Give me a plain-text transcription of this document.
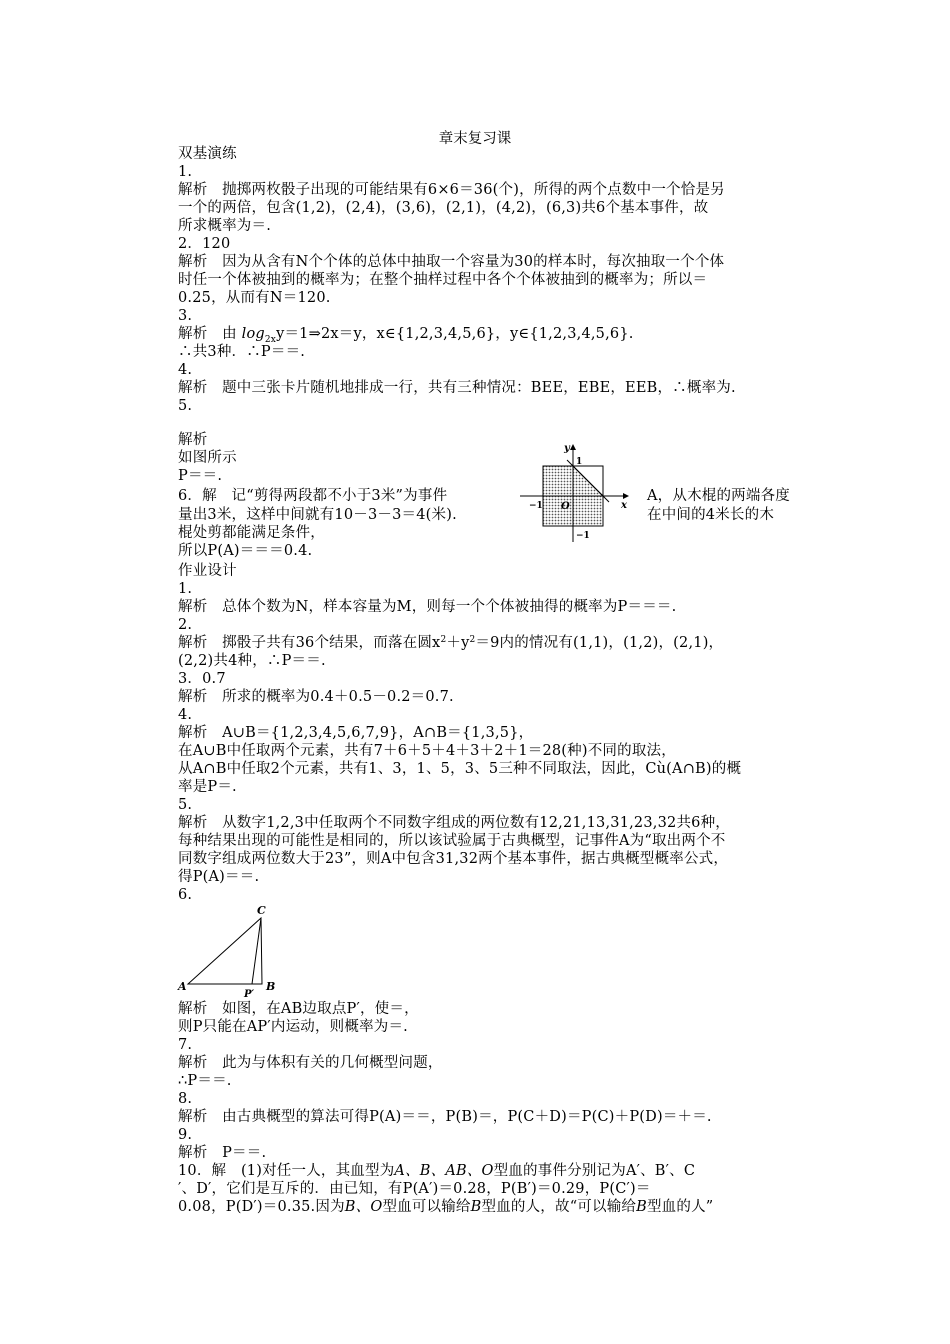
章末复习课
双基演练
1.
解析　抛掷两枚骰子出现的可能结果有6×6＝36(个)，所得的两个点数中一个恰是另
一个的两倍，包含(1,2)，(2,4)，(3,6)，(2,1)，(4,2)，(6,3)共6个基本事件，故
所求概率为＝.
2．120
解析　因为从含有N个个体的总体中抽取一个容量为30的样本时，每次抽取一个个体
时任一个体被抽到的概率为；在整个抽样过程中各个个体被抽到的概率为；所以＝
0.25，从而有N＝120.
3.
解析　由 $\log_{2x}y=1\Rightarrow 2x=y$，x∈{1,2,3,4,5,6}，y∈{1,2,3,4,5,6}.
∴共3种．∴P＝＝.
4.
解析　题中三张卡片随机地排成一行，共有三种情况：BEE，EBE，EEB，∴概率为.
5.
解析
如图所示
P＝＝.
6．解　记“剪得两段都不小于3米”为事件	A，从木棍的两端各度
量出3米，这样中间就有10－3－3＝4(米).	在中间的4米长的木
棍处剪都能满足条件，
所以P(A)＝＝＝0.4.
y
x
O
1
−1
−1
作业设计
1.
解析　总体个数为N，样本容量为M，则每一个个体被抽得的概率为P＝＝＝.
2.
解析　掷骰子共有36个结果，而落在圆$x^2+y^2=9$内的情况有(1,1)，(1,2)，(2,1)，
(2,2)共4种，∴P＝＝.
3．0.7
解析　所求的概率为0.4＋0.5－0.2＝0.7.
4.
解析　A∪B＝{1,2,3,4,5,6,7,9}，A∩B＝{1,3,5}，
在A∪B中任取两个元素，共有7＋6＋5＋4＋3＋2＋1＝28(种)不同的取法，
从A∩B中任取2个元素，共有1、3，1、5，3、5三种不同取法，因此，Cù(A∩B)的概
率是P＝.
5.
解析　从数字1,2,3中任取两个不同数字组成的两位数有12,21,13,31,23,32共6种，
每种结果出现的可能性是相同的，所以该试验属于古典概型，记事件A为“取出两个不
同数字组成两位数大于23”，则A中包含31,32两个基本事件，据古典概型概率公式，
得P(A)＝＝.
6.
C
A	B
P′
解析　如图，在AB边取点P′，使＝，
则P只能在AP′内运动，则概率为＝.
7.
解析　此为与体积有关的几何概型问题，
∴P＝＝.
8.
解析　由古典概型的算法可得P(A)＝＝，P(B)＝，P(C＋D)＝P(C)＋P(D)＝＋＝.
9.
解析　P＝＝.
10．解　(1)对任一人，其血型为A、B、AB、O型血的事件分别记为A′、B′、C
′、D′，它们是互斥的．由已知，有P(A′)＝0.28，P(B′)＝0.29，P(C′)＝
0.08，P(D′)＝0.35.因为B、O型血可以输给B型血的人，故“可以输给B型血的人”
